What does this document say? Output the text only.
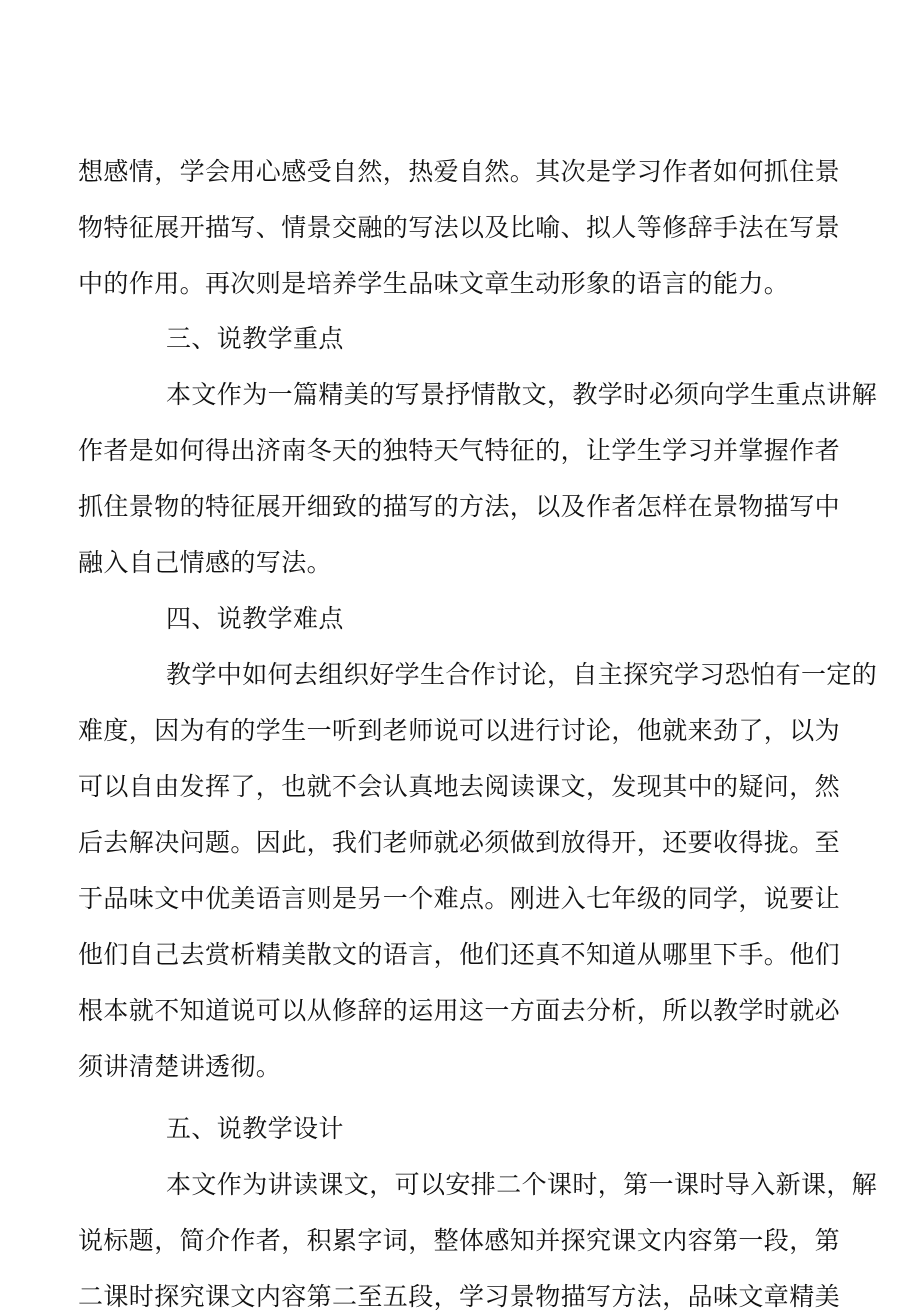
想感情，学会用心感受自然，热爱自然。其次是学习作者如何抓住景
物特征展开描写、情景交融的写法以及比喻、拟人等修辞手法在写景
中的作用。再次则是培养学生品味文章生动形象的语言的能力。
三、说教学重点
本文作为一篇精美的写景抒情散文，教学时必须向学生重点讲解
作者是如何得出济南冬天的独特天气特征的，让学生学习并掌握作者
抓住景物的特征展开细致的描写的方法，以及作者怎样在景物描写中
融入自己情感的写法。
四、说教学难点
教学中如何去组织好学生合作讨论，自主探究学习恐怕有一定的
难度，因为有的学生一听到老师说可以进行讨论，他就来劲了，以为
可以自由发挥了，也就不会认真地去阅读课文，发现其中的疑问，然
后去解决问题。因此，我们老师就必须做到放得开，还要收得拢。至
于品味文中优美语言则是另一个难点。刚进入七年级的同学，说要让
他们自己去赏析精美散文的语言，他们还真不知道从哪里下手。他们
根本就不知道说可以从修辞的运用这一方面去分析，所以教学时就必
须讲清楚讲透彻。
五、说教学设计
本文作为讲读课文，可以安排二个课时，第一课时导入新课，解
说标题，简介作者，积累字词，整体感知并探究课文内容第一段，第
二课时探究课文内容第二至五段，学习景物描写方法，品味文章精美
